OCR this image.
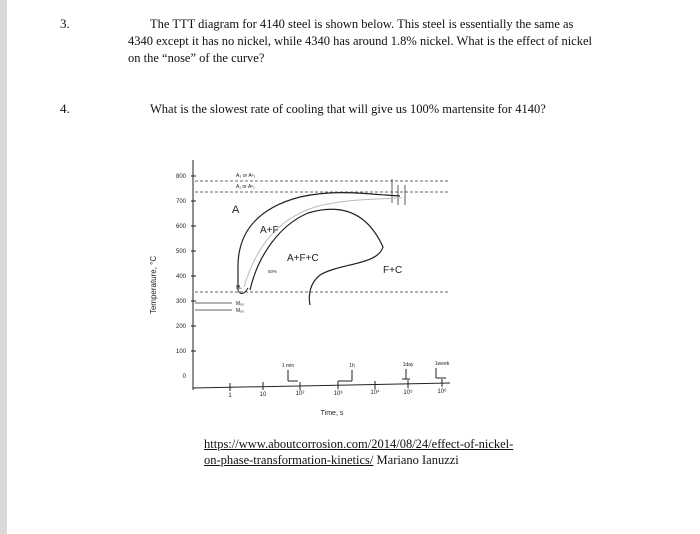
3.	The TTT diagram for 4140 steel is shown below. This steel is essentially the same as
4340 except it has no nickel, while 4340 has around 1.8% nickel. What is the effect of nickel
on the “nose” of the curve?
4.	What is the slowest rate of cooling that will give us 100% martensite for 4140?
Temperature, °C
800
700
600
500
400
300
200
100
0
1	10	10²	10³	10⁴	10⁵	10⁶
1 min	1h	1day	1week
Time, s
A₃ or Aᶜ₃
A₁ or Aᶜ₁
Mₛ
M₅₀
M₉₀
50%
A
A+F
A+F+C
F+C
https://www.aboutcorrosion.com/2014/08/24/effect-of-nickel-
on-phase-transformation-kinetics/ Mariano Ianuzzi
